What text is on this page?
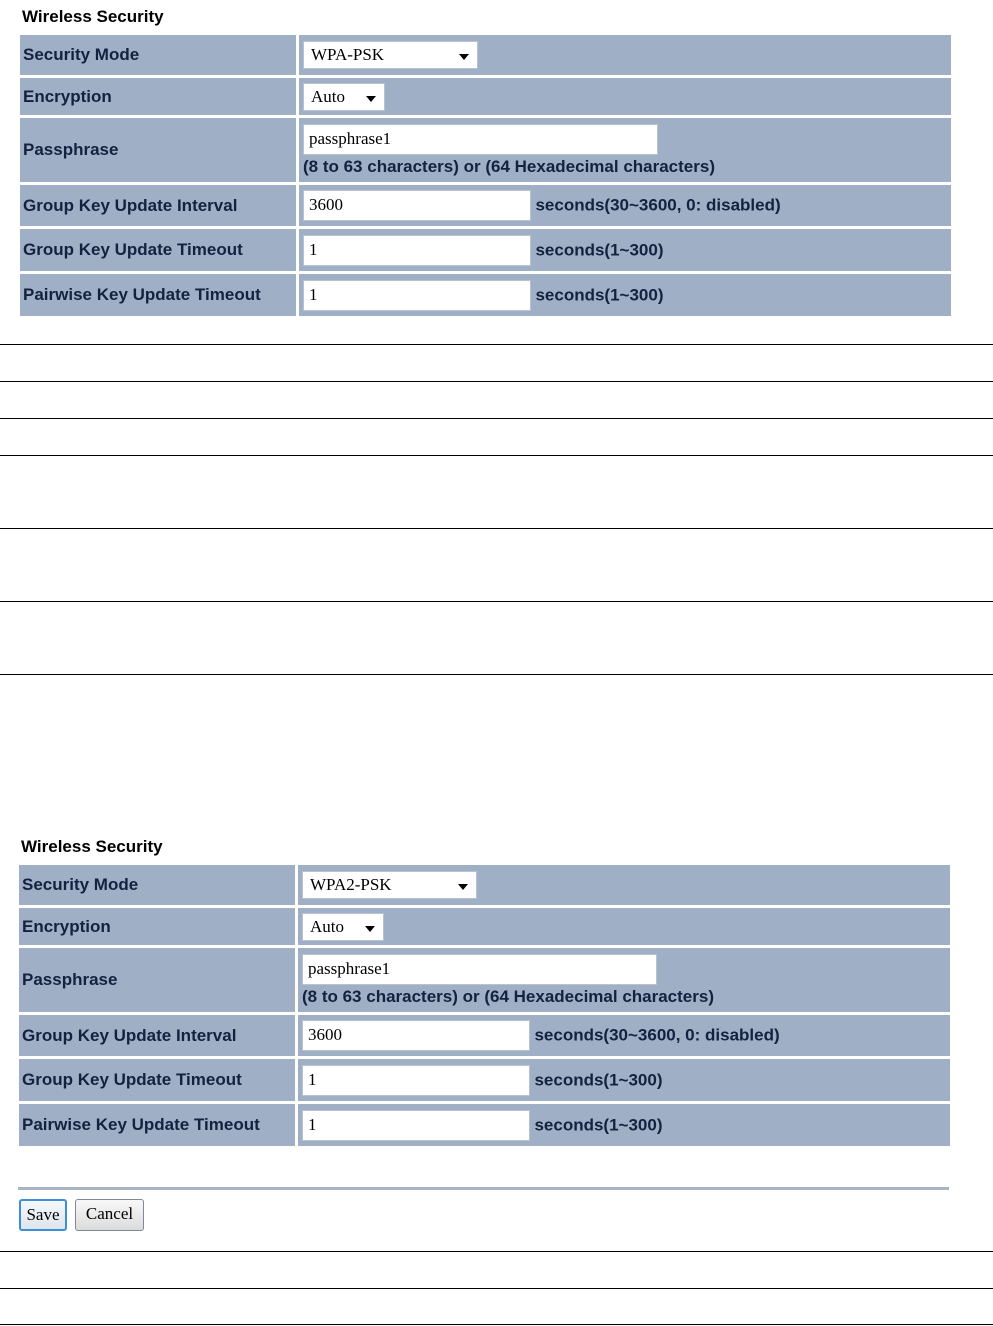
Wireless Security
Security Mode	WPA-PSK

Encryption	Auto

Passphrase	passphrase1
(8 to 63 characters) or (64 Hexadecimal characters)

Group Key Update Interval	3600 seconds(30~3600, 0: disabled)
Group Key Update Timeout	1 seconds(1~300)
Pairwise Key Update Timeout	1 seconds(1~300)
Wireless Security
Security Mode	WPA2-PSK

Encryption	Auto

Passphrase	passphrase1
(8 to 63 characters) or (64 Hexadecimal characters)

Group Key Update Interval	3600 seconds(30~3600, 0: disabled)
Group Key Update Timeout	1 seconds(1~300)
Pairwise Key Update Timeout	1 seconds(1~300)
Save	Cancel
